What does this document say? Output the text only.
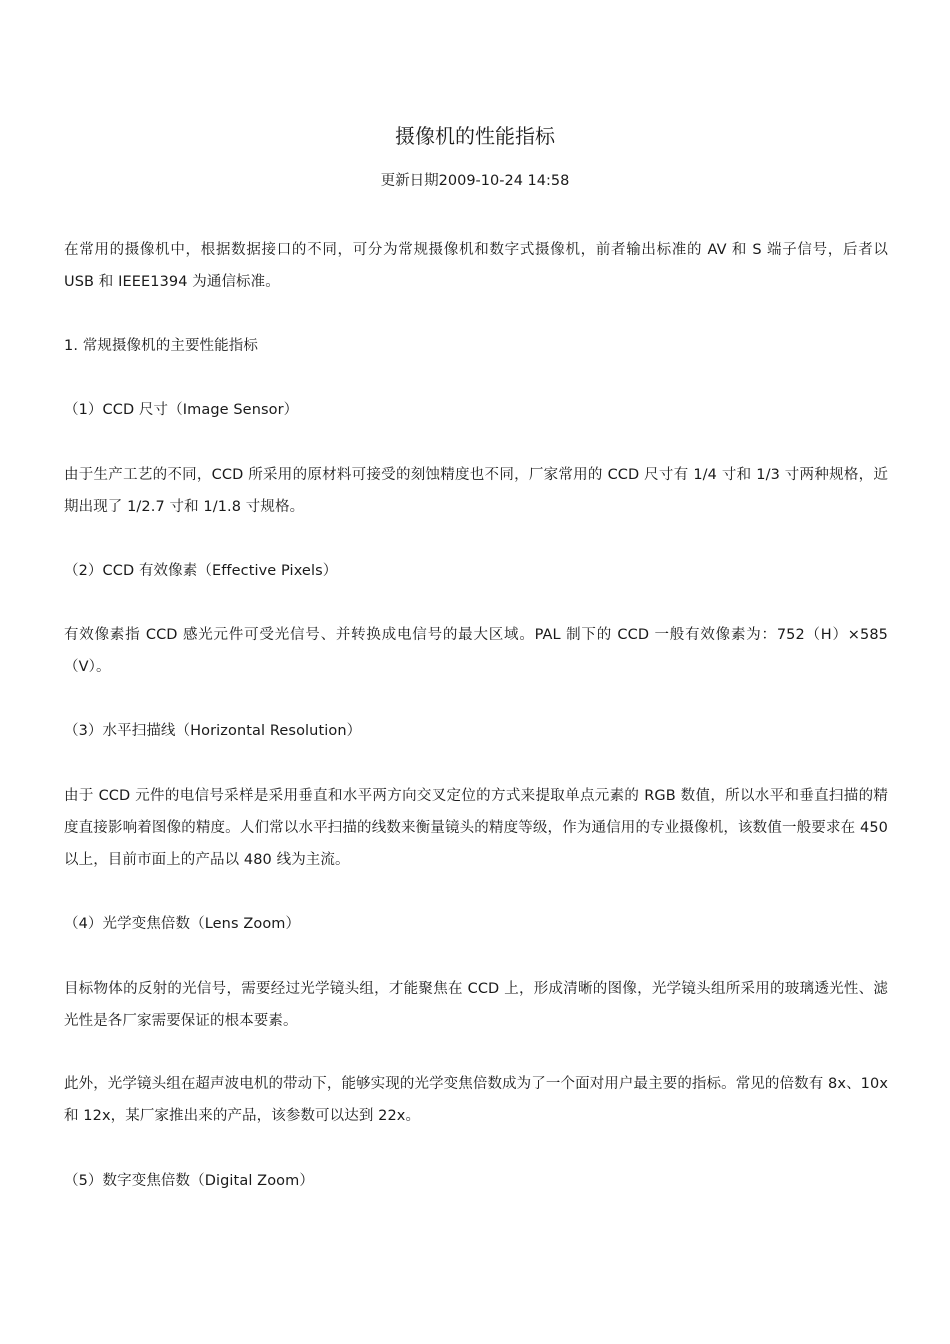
摄像机的性能指标
更新日期2009-10-24 14:58
在常用的摄像机中，根据数据接口的不同，可分为常规摄像机和数字式摄像机，前者输出标准的 AV 和 S 端子信号，后者以 USB 和 IEEE1394 为通信标准。
1. 常规摄像机的主要性能指标
（1）CCD 尺寸（Image Sensor）
由于生产工艺的不同，CCD 所采用的原材料可接受的刻蚀精度也不同，厂家常用的 CCD 尺寸有 1/4 寸和 1/3 寸两种规格，近期出现了 1/2.7 寸和 1/1.8 寸规格。
（2）CCD 有效像素（Effective Pixels）
有效像素指 CCD 感光元件可受光信号、并转换成电信号的最大区域。PAL 制下的 CCD 一般有效像素为：752（H）×585（V）。
（3）水平扫描线（Horizontal Resolution）
由于 CCD 元件的电信号采样是采用垂直和水平两方向交叉定位的方式来提取单点元素的 RGB 数值，所以水平和垂直扫描的精度直接影响着图像的精度。人们常以水平扫描的线数来衡量镜头的精度等级，作为通信用的专业摄像机，该数值一般要求在 450 以上，目前市面上的产品以 480 线为主流。
（4）光学变焦倍数（Lens Zoom）
目标物体的反射的光信号，需要经过光学镜头组，才能聚焦在 CCD 上，形成清晰的图像，光学镜头组所采用的玻璃透光性、滤光性是各厂家需要保证的根本要素。
此外，光学镜头组在超声波电机的带动下，能够实现的光学变焦倍数成为了一个面对用户最主要的指标。常见的倍数有 8x、10x 和 12x，某厂家推出来的产品，该参数可以达到 22x。
（5）数字变焦倍数（Digital Zoom）
